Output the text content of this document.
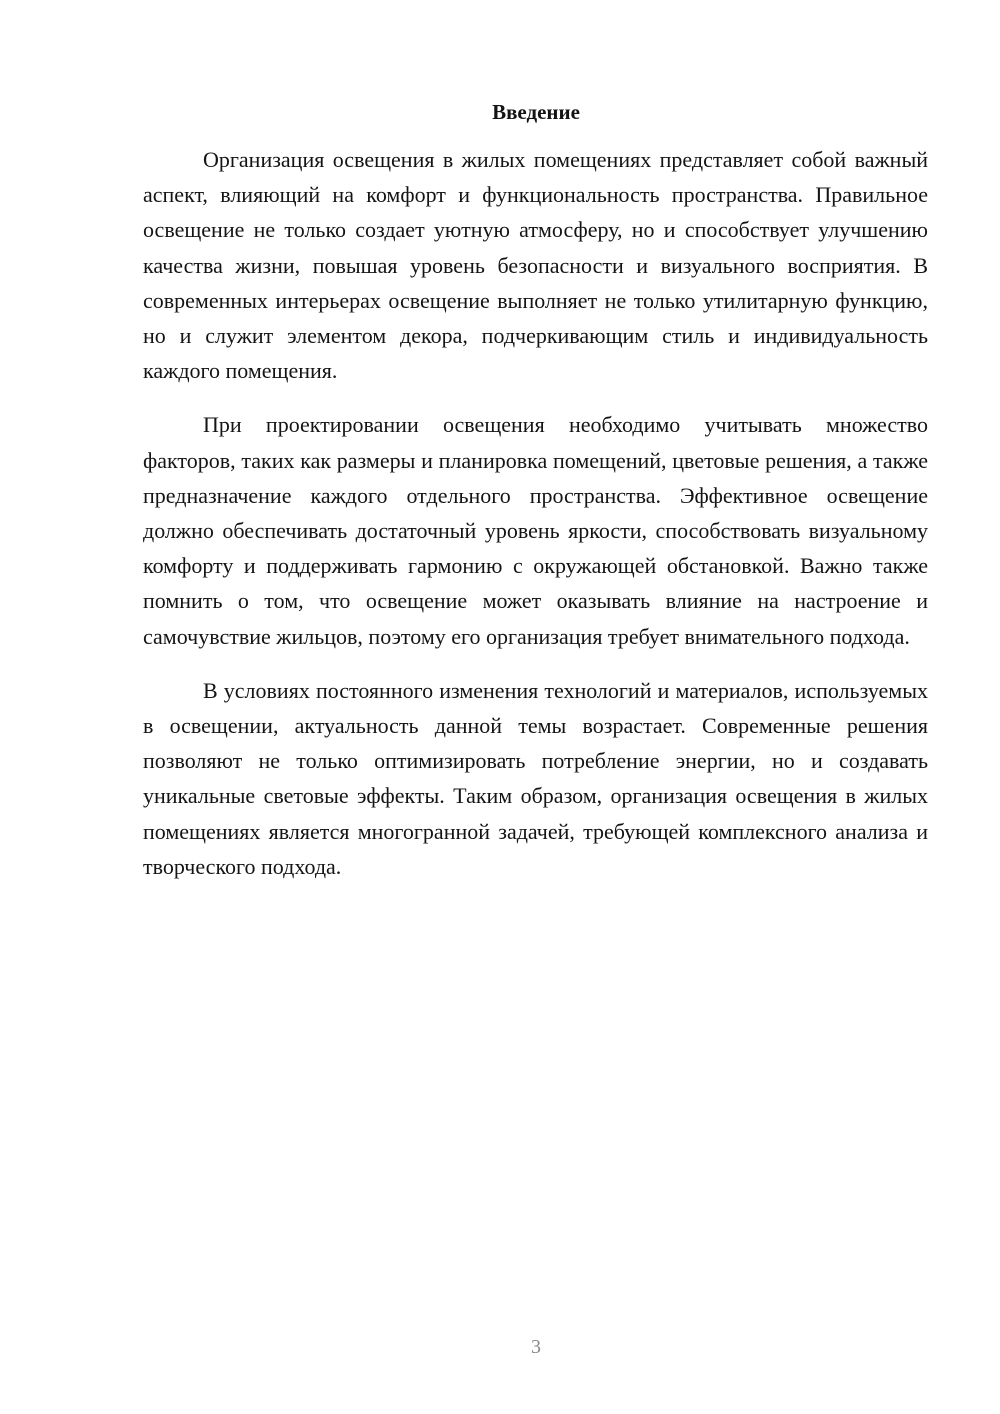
Введение

Организация освещения в жилых помещениях представляет собой важный аспект, влияющий на комфорт и функциональность пространства. Правильное освещение не только создает уютную атмосферу, но и способствует улучшению качества жизни, повышая уровень безопасности и визуального восприятия. В современных интерьерах освещение выполняет не только утилитарную функцию, но и служит элементом декора, подчеркивающим стиль и индивидуальность каждого помещения.

При проектировании освещения необходимо учитывать множество факторов, таких как размеры и планировка помещений, цветовые решения, а также предназначение каждого отдельного пространства. Эффективное освещение должно обеспечивать достаточный уровень яркости, способствовать визуальному комфорту и поддерживать гармонию с окружающей обстановкой. Важно также помнить о том, что освещение может оказывать влияние на настроение и самочувствие жильцов, поэтому его организация требует внимательного подхода.

В условиях постоянного изменения технологий и материалов, используемых в освещении, актуальность данной темы возрастает. Современные решения позволяют не только оптимизировать потребление энергии, но и создавать уникальные световые эффекты. Таким образом, организация освещения в жилых помещениях является многогранной задачей, требующей комплексного анализа и творческого подхода.

3
